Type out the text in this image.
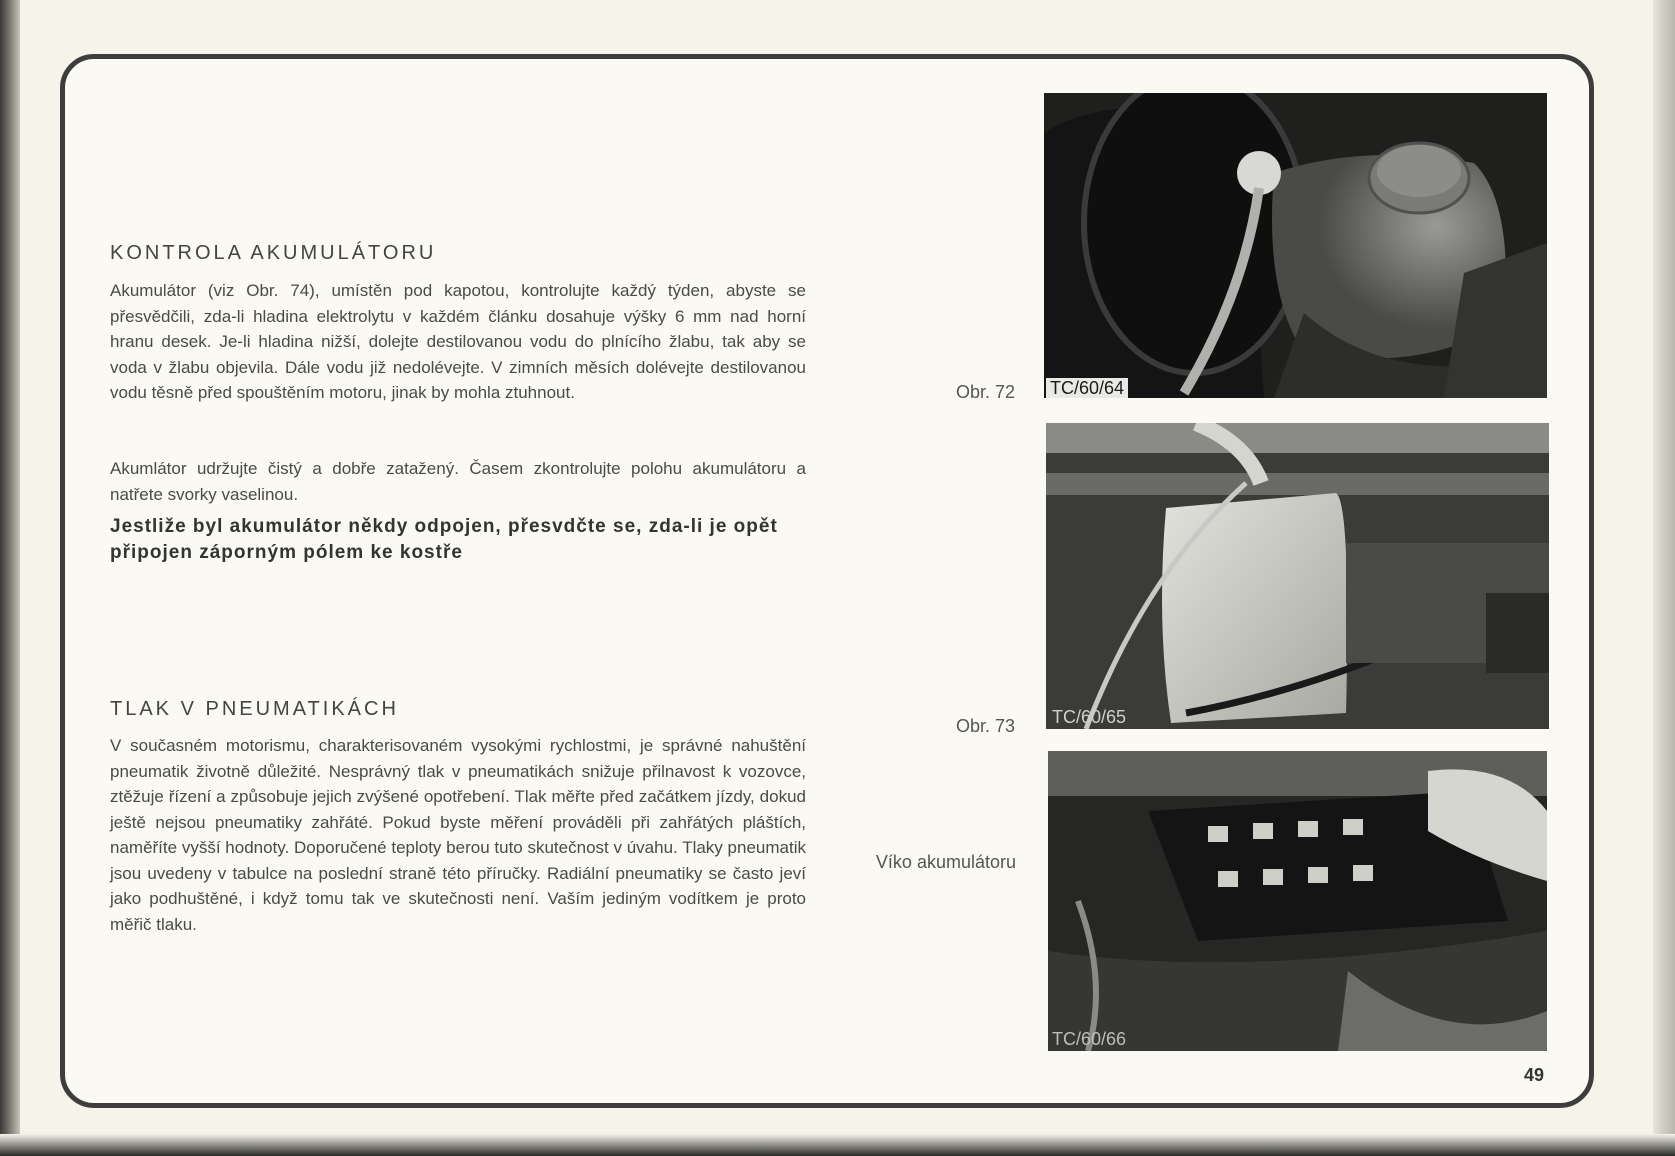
KONTROLA AKUMULÁTORU

Akumulátor (viz Obr. 74), umístěn pod kapotou, kontrolujte každý týden, abyste se přesvědčili, zda-li hladina elektrolytu v každém článku dosahuje výšky 6 mm nad horní hranu desek. Je-li hladina nižší, dolejte destilovanou vodu do plnícího žlabu, tak aby se voda v žlabu objevila. Dále vodu již nedolévejte. V zimních měsích dolévejte destilovanou vodu těsně před spouštěním motoru, jinak by mohla ztuhnout.

Akumlátor udržujte čistý a dobře zatažený. Časem zkontrolujte polohu akumulátoru a natřete svorky vaselinou.

Jestliže byl akumulátor někdy odpojen, přesvdčte se, zda-li je opět připojen záporným pólem ke kostře

TLAK V PNEUMATIKÁCH

V současném motorismu, charakterisovaném vysokými rychlostmi, je správné nahuštění pneumatik životně důležité. Nesprávný tlak v pneumatikách snižuje přilnavost k vozovce, ztěžuje řízení a způsobuje jejich zvýšené opotřebení. Tlak měřte před začátkem jízdy, dokud ještě nejsou pneumatiky zahřáté. Pokud byste měření prováděli při zahřátých pláštích, naměříte vyšší hodnoty. Doporučené teploty berou tuto skutečnost v úvahu. Tlaky pneumatik jsou uvedeny v tabulce na poslední straně této příručky. Radiální pneumatiky se často jeví jako podhuštěné, i když tomu tak ve skutečnosti není. Vaším jediným vodítkem je proto měřič tlaku.

TC/60/64
Obr. 72
TC/60/65
Obr. 73
TC/60/66
Víko akumulátoru
49
